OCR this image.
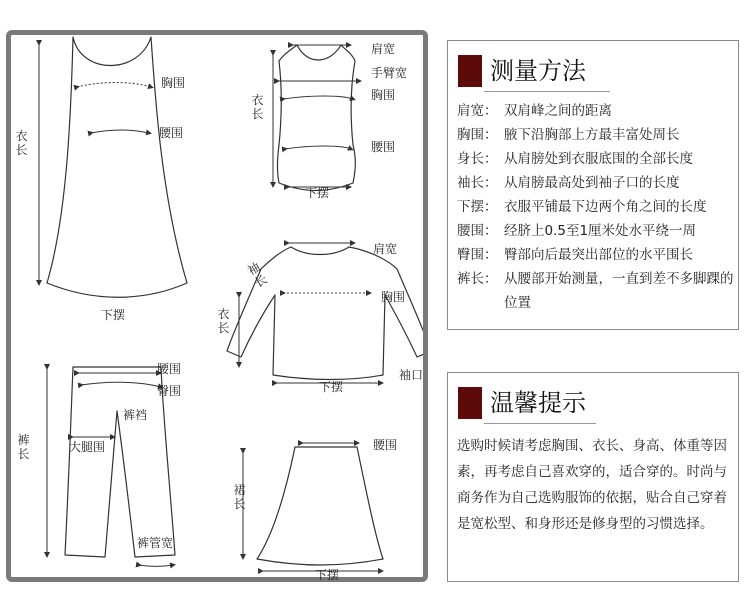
衣长
胸围
腰围
下摆
肩宽
手臂宽
胸围
腰围
衣长
下摆
肩宽
袖长
胸围
衣长
下摆
袖口
腰围
臀围
裤裆
大腿围
裤长
裤管宽
腰围
裙长
下摆
测量方法
肩宽： 双肩峰之间的距离
胸围： 腋下沿胸部上方最丰富处周长
身长： 从肩膀处到衣服底围的全部长度
袖长： 从肩膀最高处到袖子口的长度
下摆： 衣服平铺最下边两个角之间的长度
腰围： 经脐上0.5至1厘米处水平绕一周
臀围： 臀部向后最突出部位的水平围长
裤长： 从腰部开始测量，一直到差不多脚踝的位置
温馨提示
选购时候请考虑胸围、衣长、身高、体重等因素，再考虑自己喜欢穿的，适合穿的。时尚与商务作为自己选购服饰的依据，贴合自己穿着是宽松型、和身形还是修身型的习惯选择。
